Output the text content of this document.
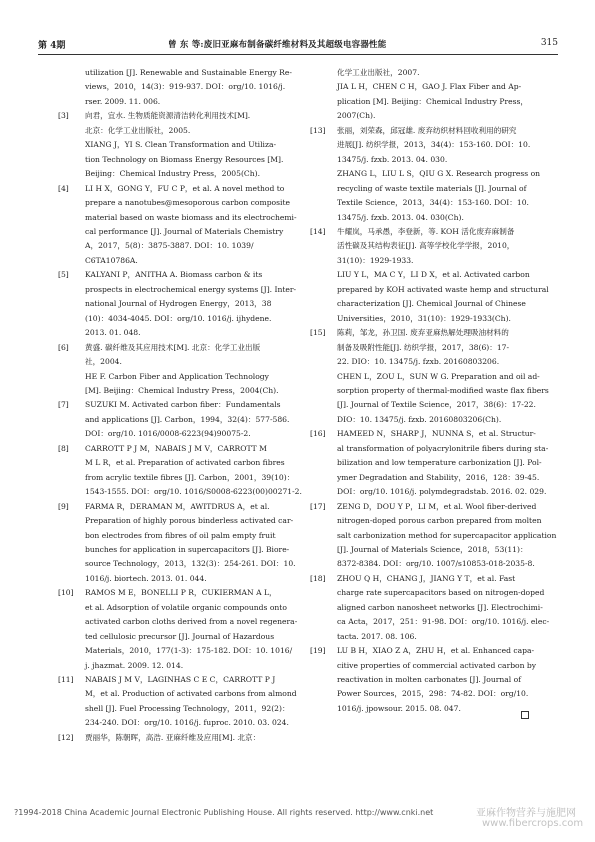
第 4期	曾 东 等:废旧亚麻布制备碳纤维材料及其超级电容器性能	315
utilization [J]. Renewable and Sustainable Energy Re-
views，2010，14(3)：919-937. DOI：org/10. 1016/j.
rser. 2009. 11. 006.
[3] 向君，宜水. 生物质能资源清洁转化利用技术[M].
北京：化学工业出版社，2005.
XIANG J，YI S. Clean Transformation and Utiliza-
tion Technology on Biomass Energy Resources [M].
Beijing：Chemical Industry Press，2005(Ch).
[4] LI H X，GONG Y，FU C P，et al. A novel method to
prepare a nanotubes@mesoporous carbon composite
material based on waste biomass and its electrochemi-
cal performance [J]. Journal of Materials Chemistry
A，2017，5(8)：3875-3887. DOI：10. 1039/
C6TA10786A.
[5] KALYANI P，ANITHA A. Biomass carbon & its
prospects in electrochemical energy systems [J]. Inter-
national Journal of Hydrogen Energy，2013，38
(10)：4034-4045. DOI：org/10. 1016/j. ijhydene.
2013. 01. 048.
[6] 黄盛. 碳纤维及其应用技术[M]. 北京：化学工业出版
社，2004.
HE F. Carbon Fiber and Application Technology
[M]. Beijing：Chemical Industry Press，2004(Ch).
[7] SUZUKI M. Activated carbon fiber：Fundamentals
and applications [J]. Carbon，1994，32(4)：577-586.
DOI：org/10. 1016/0008-6223(94)90075-2.
[8] CARROTT P J M，NABAIS J M V，CARROTT M
M L R，et al. Preparation of activated carbon fibres
from acrylic textile fibres [J]. Carbon，2001，39(10)：
1543-1555. DOI：org/10. 1016/S0008-6223(00)00271-2.
[9] FARMA R，DERAMAN M，AWITDRUS A，et al.
Preparation of highly porous binderless activated car-
bon electrodes from fibres of oil palm empty fruit
bunches for application in supercapacitors [J]. Biore-
source Technology，2013，132(3)：254-261. DOI：10.
1016/j. biortech. 2013. 01. 044.
[10] RAMOS M E，BONELLI P R，CUKIERMAN A L，
et al. Adsorption of volatile organic compounds onto
activated carbon cloths derived from a novel regenera-
ted cellulosic precursor [J]. Journal of Hazardous
Materials，2010，177(1-3)：175-182. DOI：10. 1016/
j. jhazmat. 2009. 12. 014.
[11] NABAIS J M V，LAGINHAS C E C，CARROTT P J
M，et al. Production of activated carbons from almond
shell [J]. Fuel Processing Technology，2011，92(2)：
234-240. DOI：org/10. 1016/j. fuproc. 2010. 03. 024.
[12] 贾丽华，陈朝晖，高浩. 亚麻纤维及应用[M]. 北京：
化学工业出版社，2007.
JIA L H，CHEN C H，GAO J. Flax Fiber and Ap-
plication [M]. Beijing：Chemical Industry Press，
2007(Ch).
[13] 张丽，刘荣森，邱冠雄. 废弃纺织材料回收利用的研究
进展[J]. 纺织学报，2013，34(4)：153-160. DOI：10.
13475/j. fzxb. 2013. 04. 030.
ZHANG L，LIU L S，QIU G X. Research progress on
recycling of waste textile materials [J]. Journal of
Textile Science，2013，34(4)：153-160. DOI：10.
13475/j. fzxb. 2013. 04. 030(Ch).
[14] 牛耀岚，马承愚，李登新，等. KOH 活化废弃麻制备
活性碳及其结构表征[J]. 高等学校化学学报，2010，
31(10)：1929-1933.
LIU Y L，MA C Y，LI D X，et al. Activated carbon
prepared by KOH activated waste hemp and structural
characterization [J]. Chemical Journal of Chinese
Universities，2010，31(10)：1929-1933(Ch).
[15] 陈莉，邹龙，孙卫国. 废弃亚麻热解处理吸油材料的
制备及吸附性能[J]. 纺织学报，2017，38(6)：17-
22. DIO：10. 13475/j. fzxb. 20160803206.
CHEN L，ZOU L，SUN W G. Preparation and oil ad-
sorption property of thermal-modified waste flax fibers
[J]. Journal of Textile Science，2017，38(6)：17-22.
DIO：10. 13475/j. fzxb. 20160803206(Ch).
[16] HAMEED N，SHARP J，NUNNA S，et al. Structur-
al transformation of polyacrylonitrile fibers during sta-
bilization and low temperature carbonization [J]. Pol-
ymer Degradation and Stability，2016，128：39-45.
DOI：org/10. 1016/j. polymdegradstab. 2016. 02. 029.
[17] ZENG D，DOU Y P，LI M，et al. Wool fiber-derived
nitrogen-doped porous carbon prepared from molten
salt carbonization method for supercapacitor application
[J]. Journal of Materials Science，2018，53(11)：
8372-8384. DOI：org/10. 1007/s10853-018-2035-8.
[18] ZHOU Q H，CHANG J，JIANG Y T，et al. Fast
charge rate supercapacitors based on nitrogen-doped
aligned carbon nanosheet networks [J]. Electrochimi-
ca Acta，2017，251：91-98. DOI：org/10. 1016/j. elec-
tacta. 2017. 08. 106.
[19] LU B H，XIAO Z A，ZHU H，et al. Enhanced capa-
citive properties of commercial activated carbon by
reactivation in molten carbonates [J]. Journal of
Power Sources，2015，298：74-82. DOI：org/10.
1016/j. jpowsour. 2015. 08. 047.
?1994-2018 China Academic Journal Electronic Publishing House. All rights reserved. http://www.cnki.net	亚麻作物营养与施肥网
www.fibercrops.com
